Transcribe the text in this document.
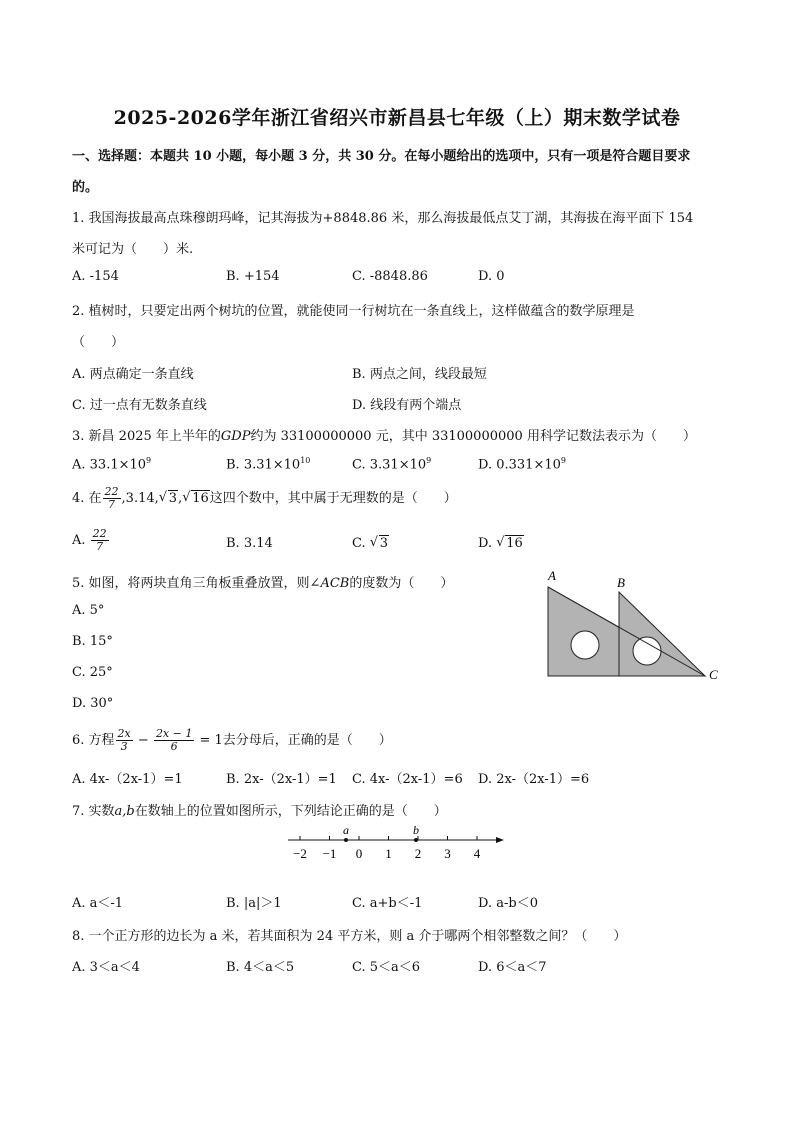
2025-2026学年浙江省绍兴市新昌县七年级（上）期末数学试卷
一、选择题：本题共 10 小题，每小题 3 分，共 30 分。在每小题给出的选项中，只有一项是符合题目要求
的。
1. 我国海拔最高点珠穆朗玛峰，记其海拔为+8848.86 米，那么海拔最低点艾丁湖，其海拔在海平面下 154
米可记为（　　）米.
A. -154	B. +154	C. -8848.86	D. 0
2. 植树时，只要定出两个树坑的位置，就能使同一行树坑在一条直线上，这样做蕴含的数学原理是
（　　）
A. 两点确定一条直线	B. 两点之间，线段最短
C. 过一点有无数条直线	D. 线段有两个端点
3. 新昌 2025 年上半年的GDP约为 33100000000 元，其中 33100000000 用科学记数法表示为（　　）
A. $33.1\times 10^9$	B. $3.31\times 10^{10}$	C. $3.31\times 10^9$	D. $0.331\times 10^9$
4. 在 $\frac{22}{7} ,3.14,√$ 3,√ 16这四个数中，其中属于无理数的是（　　）
A. $\frac{22}{7}$	B. 3.14	C. √ 3	D. √ 16
5. 如图，将两块直角三角板重叠放置，则∠ACB的度数为（　　）
A. 5°
B. 15°
C. 25°
D. 30°
A	B
C
6. 方程 $\frac{2x}{3} - \frac{2x - 1}{6} = 1$去分母后，正确的是（　　）
A. 4x-（2x-1）=1	B. 2x-（2x-1）=1 C. 4x-（2x-1）=6 D. 2x-（2x-1）=6
7. 实数a,b在数轴上的位置如图所示，下列结论正确的是（　　）
−2 −1 0 1 2 3 4
a	b
A. a＜-1	B. |a|＞1	C. a+b＜-1	D. a-b＜0
8. 一个正方形的边长为 a 米，若其面积为 24 平方米，则 a 介于哪两个相邻整数之间？（　　）
A. 3＜a＜4	B. 4＜a＜5	C. 5＜a＜6	D. 6＜a＜7
